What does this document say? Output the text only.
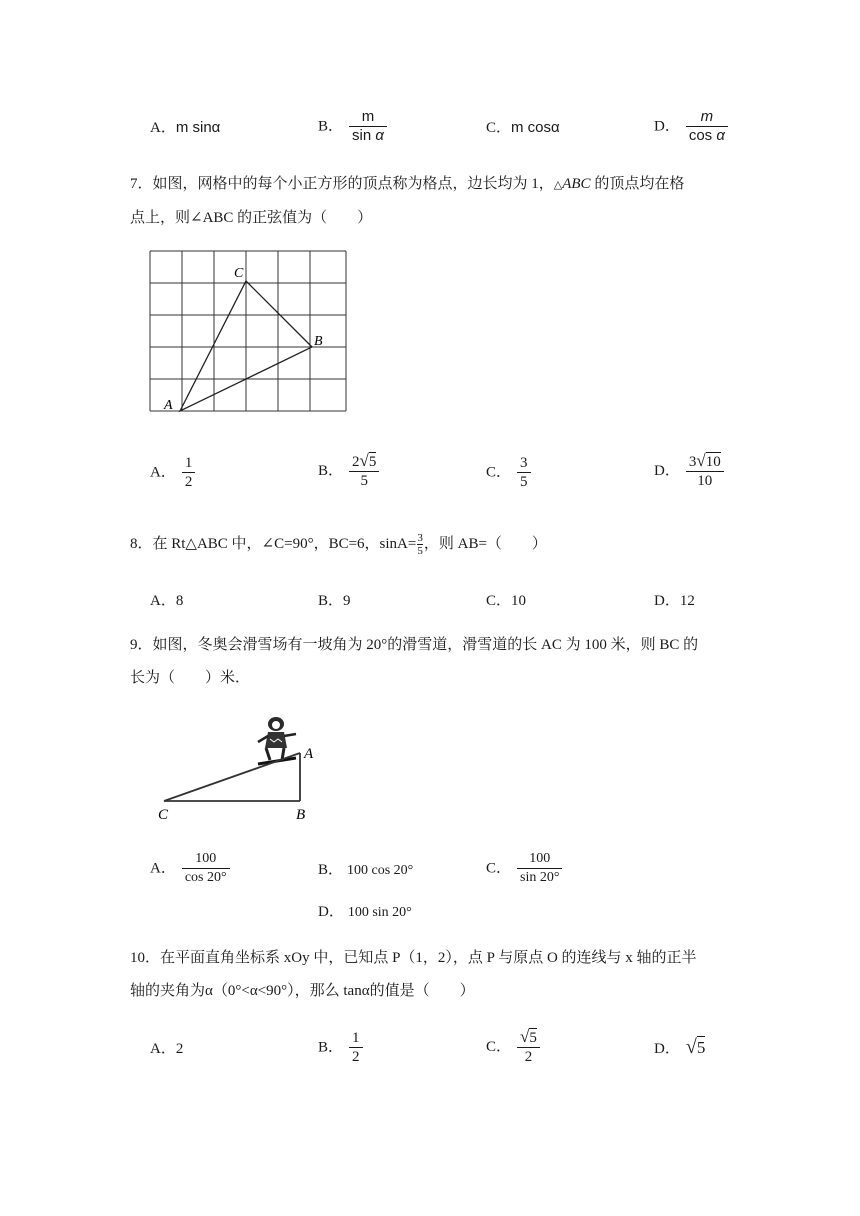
A．m sinα	B． $\frac{m}{\text{sin α}}$	C．m cosα	D． $\frac{m}{\text{cos α}}$
7．如图，网格中的每个小正方形的顶点称为格点，边长均为 1，△ABC 的顶点均在格
点上，则∠ABC 的正弦值为（　　）
A
B
C
A． $\frac{1}{2}$	B． $\frac{2√5}{5}$	C． $\frac{3}{5}$	D． $\frac{3√10}{10}$
8．在 Rt△ABC 中，∠C=90°，BC=6，$\sin A= \frac{3}{5}$ ，则 AB=（　　）
A．8	B．9	C．10	D．12
9．如图，冬奥会滑雪场有一坡角为 20°的滑雪道，滑雪道的长 AC 为 100 米，则 BC 的
长为（　　）米．
A
B
C
A． $\frac{100}{\cos 20^\circ}$	B． 100 cos 20°	C． $\frac{100}{\sin 20^\circ}$
D． 100 sin 20°
10．在平面直角坐标系 xOy 中，已知点 P（1，2），点 P 与原点 O 的连线与 x 轴的正半
轴的夹角为α（0°<α<90°），那么 tanα的值是（　　）
A．2	B． $\frac{1}{2}$	C． $\frac{√5}{2}$	D． √5
